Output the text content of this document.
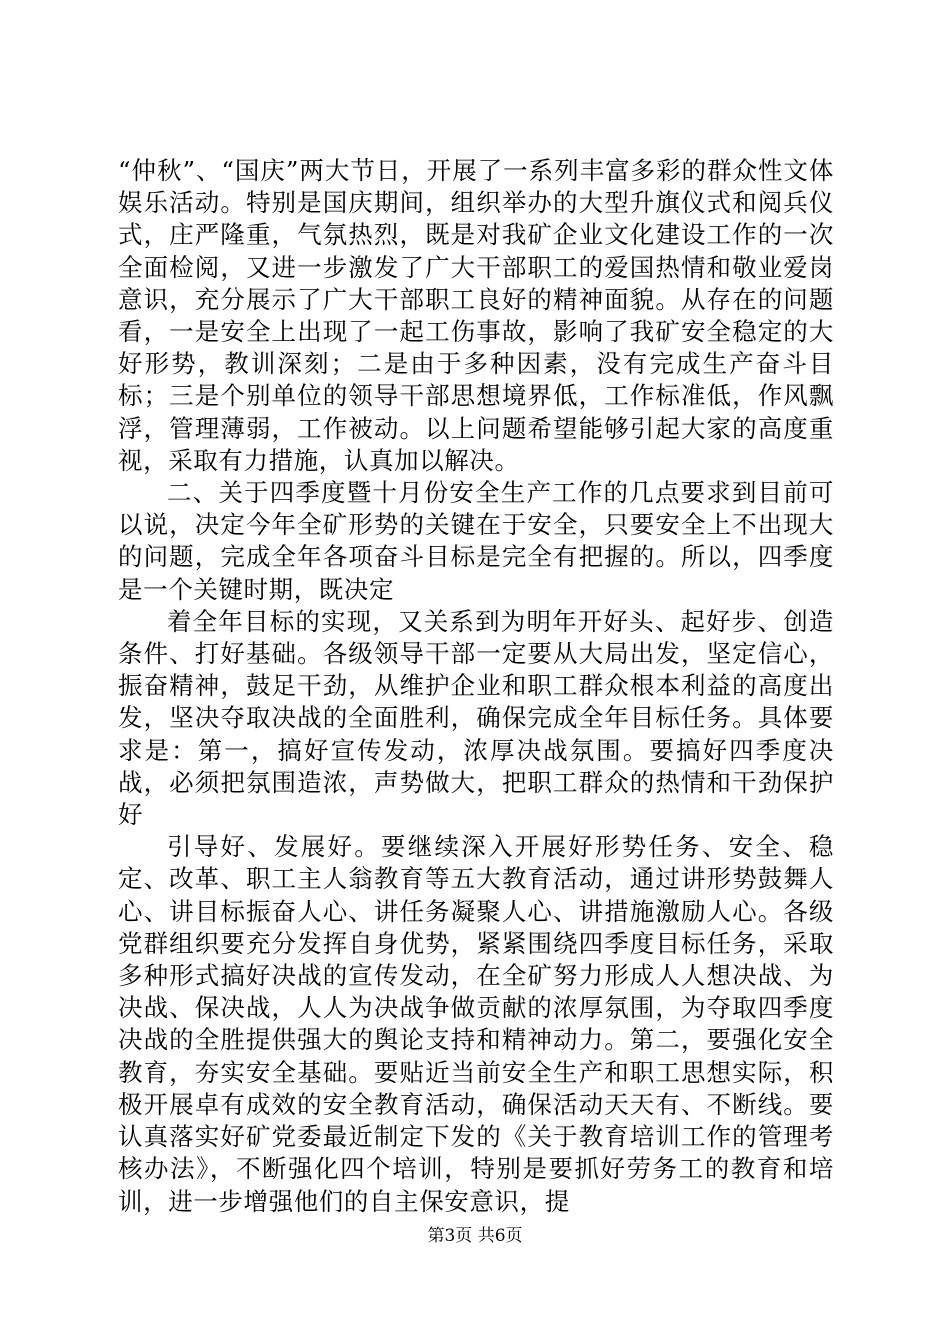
“仲秋”、“国庆”两大节日，开展了一系列丰富多彩的群众性文体娱乐活动。特别是国庆期间，组织举办的大型升旗仪式和阅兵仪式，庄严隆重，气氛热烈，既是对我矿企业文化建设工作的一次全面检阅，又进一步激发了广大干部职工的爱国热情和敬业爱岗意识，充分展示了广大干部职工良好的精神面貌。从存在的问题看，一是安全上出现了一起工伤事故，影响了我矿安全稳定的大好形势，教训深刻；二是由于多种因素，没有完成生产奋斗目标；三是个别单位的领导干部思想境界低，工作标准低，作风飘浮，管理薄弱，工作被动。以上问题希望能够引起大家的高度重视，采取有力措施，认真加以解决。

二、关于四季度暨十月份安全生产工作的几点要求到目前可以说，决定今年全矿形势的关键在于安全，只要安全上不出现大的问题，完成全年各项奋斗目标是完全有把握的。所以，四季度是一个关键时期，既决定

着全年目标的实现，又关系到为明年开好头、起好步、创造条件、打好基础。各级领导干部一定要从大局出发，坚定信心，振奋精神，鼓足干劲，从维护企业和职工群众根本利益的高度出发，坚决夺取决战的全面胜利，确保完成全年目标任务。具体要求是：第一，搞好宣传发动，浓厚决战氛围。要搞好四季度决战，必须把氛围造浓，声势做大，把职工群众的热情和干劲保护好

引导好、发展好。要继续深入开展好形势任务、安全、稳定、改革、职工主人翁教育等五大教育活动，通过讲形势鼓舞人心、讲目标振奋人心、讲任务凝聚人心、讲措施激励人心。各级党群组织要充分发挥自身优势，紧紧围绕四季度目标任务，采取多种形式搞好决战的宣传发动，在全矿努力形成人人想决战、为决战、保决战，人人为决战争做贡献的浓厚氛围，为夺取四季度决战的全胜提供强大的舆论支持和精神动力。第二，要强化安全教育，夯实安全基础。要贴近当前安全生产和职工思想实际，积极开展卓有成效的安全教育活动，确保活动天天有、不断线。要认真落实好矿党委最近制定下发的《关于教育培训工作的管理考核办法》，不断强化四个培训，特别是要抓好劳务工的教育和培训，进一步增强他们的自主保安意识，提

第3页 共6页
